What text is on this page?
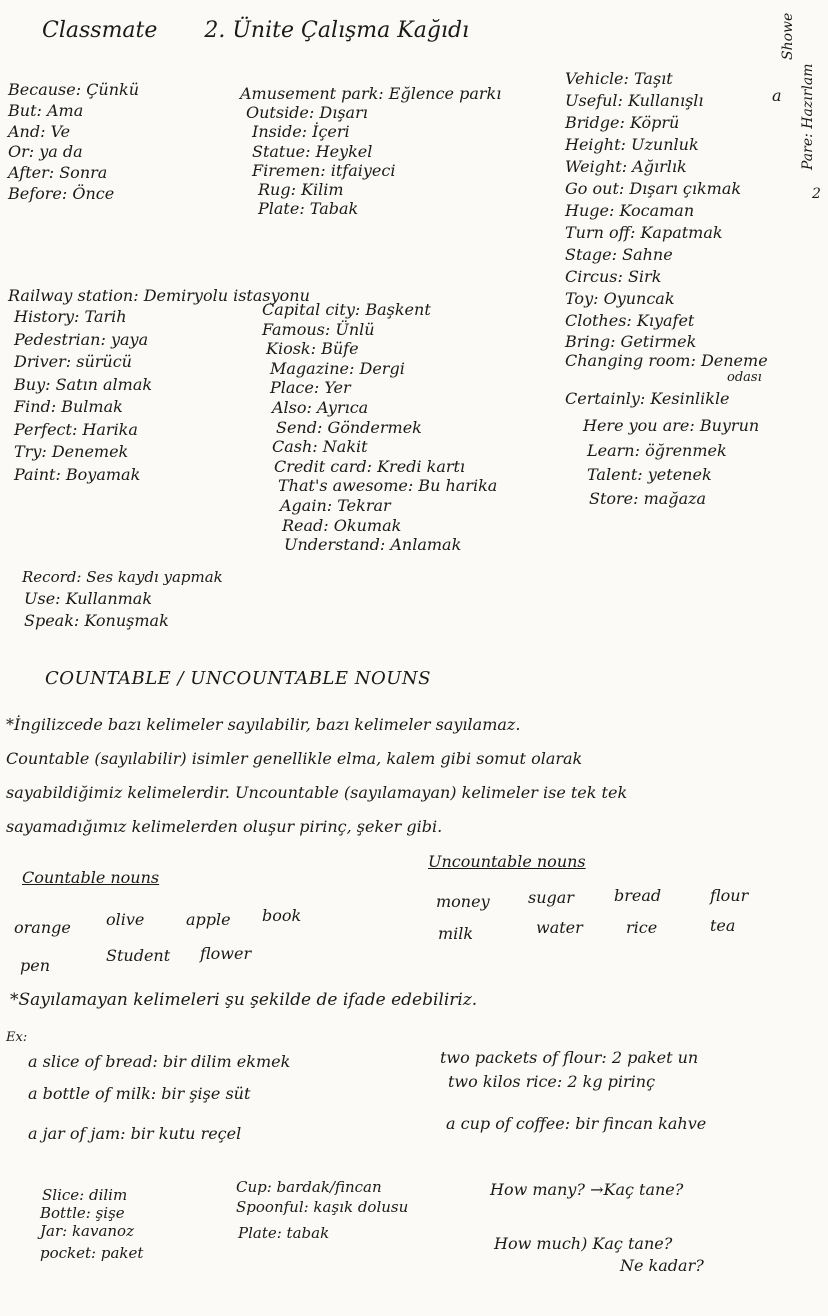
Classmate 2. Ünite Çalışma Kağıdı
a
Showe
Pare: Hazırlam
2
Because: Çünkü
But: Ama
And: Ve
Or: ya da
After: Sonra
Before: Önce
Railway station: Demiryolu istasyonu
History: Tarih
Pedestrian: yaya
Driver: sürücü
Buy: Satın almak
Find: Bulmak
Perfect: Harika
Try: Denemek
Paint: Boyamak
Record: Ses kaydı yapmak
Use: Kullanmak
Speak: Konuşmak
Amusement park: Eğlence parkı
Outside: Dışarı
Inside: İçeri
Statue: Heykel
Firemen: itfaiyeci
Rug: Kilim
Plate: Tabak
Capital city: Başkent
Famous: Ünlü
Kiosk: Büfe
Magazine: Dergi
Place: Yer
Also: Ayrıca
Send: Göndermek
Cash: Nakit
Credit card: Kredi kartı
That's awesome: Bu harika
Again: Tekrar
Read: Okumak
Understand: Anlamak
Vehicle: Taşıt
Useful: Kullanışlı
Bridge: Köprü
Height: Uzunluk
Weight: Ağırlık
Go out: Dışarı çıkmak
Huge: Kocaman
Turn off: Kapatmak
Stage: Sahne
Circus: Sirk
Toy: Oyuncak
Clothes: Kıyafet
Bring: Getirmek
Changing room: Deneme
odası
Certainly: Kesinlikle
Here you are: Buyrun
Learn: öğrenmek
Talent: yetenek
Store: mağaza
COUNTABLE / UNCOUNTABLE NOUNS
*İngilizcede bazı kelimeler sayılabilir, bazı kelimeler sayılamaz.
Countable (sayılabilir) isimler genellikle elma, kalem gibi somut olarak
sayabildiğimiz kelimelerdir. Uncountable (sayılamayan) kelimeler ise tek tek
sayamadığımız kelimelerden oluşur pirinç, şeker gibi.
Countable nouns
Uncountable nouns
orange olive	apple book
pen
Student flower
money sugar	bread	flour
milk	water	rice	tea
*Sayılamayan kelimeleri şu şekilde de ifade edebiliriz.
Ex:
a slice of bread: bir dilim ekmek
a bottle of milk: bir şişe süt
a jar of jam: bir kutu reçel
two packets of flour: 2 paket un
two kilos rice: 2 kg pirinç
a cup of coffee: bir fincan kahve
Slice: dilim
Bottle: şişe
Jar: kavanoz
pocket: paket
Cup: bardak/fincan
Spoonful: kaşık dolusu
Plate: tabak
How many? →Kaç tane?
How much) Kaç tane?
Ne kadar?
